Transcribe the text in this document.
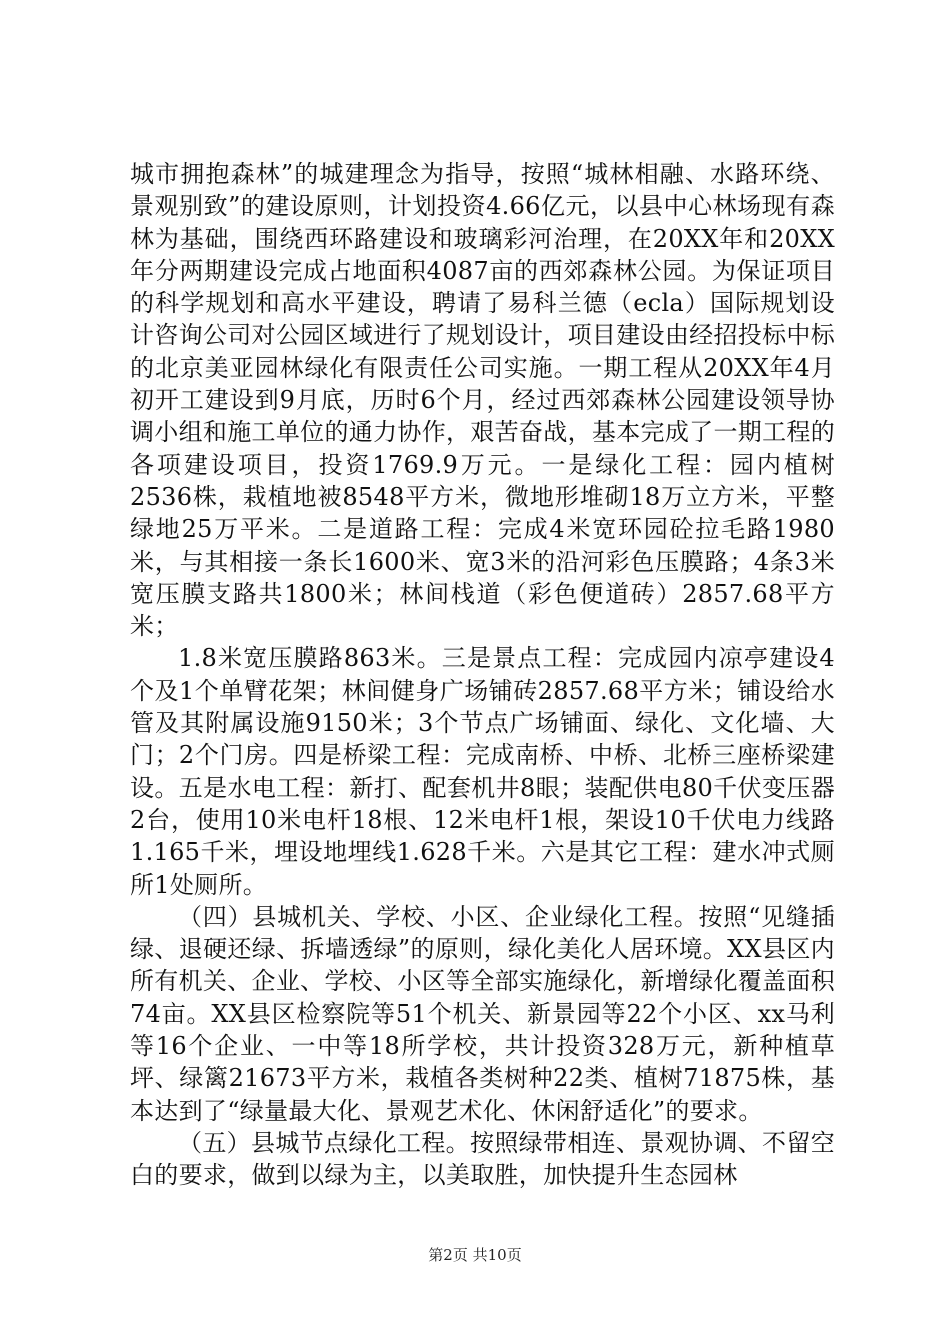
城市拥抱森林”的城建理念为指导，按照“城林相融、水路环绕、景观别致”的建设原则，计划投资4.66亿元，以县中心林场现有森林为基础，围绕西环路建设和玻璃彩河治理，在20XX年和20XX年分两期建设完成占地面积4087亩的西郊森林公园。为保证项目的科学规划和高水平建设，聘请了易科兰德（ecla）国际规划设计咨询公司对公园区域进行了规划设计，项目建设由经招投标中标的北京美亚园林绿化有限责任公司实施。一期工程从20XX年4月初开工建设到9月底，历时6个月，经过西郊森林公园建设领导协调小组和施工单位的通力协作，艰苦奋战，基本完成了一期工程的各项建设项目，投资1769.9万元。一是绿化工程：园内植树2536株，栽植地被8548平方米，微地形堆砌18万立方米，平整绿地25万平米。二是道路工程：完成4米宽环园砼拉毛路1980米，与其相接一条长1600米、宽3米的沿河彩色压膜路；4条3米宽压膜支路共1800米；林间栈道（彩色便道砖）2857.68平方米；

1.8米宽压膜路863米。三是景点工程：完成园内凉亭建设4个及1个单臂花架；林间健身广场铺砖2857.68平方米；铺设给水管及其附属设施9150米；3个节点广场铺面、绿化、文化墙、大门；2个门房。四是桥梁工程：完成南桥、中桥、北桥三座桥梁建设。五是水电工程：新打、配套机井8眼；装配供电80千伏变压器2台，使用10米电杆18根、12米电杆1根，架设10千伏电力线路1.165千米，埋设地埋线1.628千米。六是其它工程：建水冲式厕所1处厕所。

（四）县城机关、学校、小区、企业绿化工程。按照“见缝插绿、退硬还绿、拆墙透绿”的原则，绿化美化人居环境。XX县区内所有机关、企业、学校、小区等全部实施绿化，新增绿化覆盖面积74亩。XX县区检察院等51个机关、新景园等22个小区、xx马利等16个企业、一中等18所学校，共计投资328万元，新种植草坪、绿篱21673平方米，栽植各类树种22类、植树71875株，基本达到了“绿量最大化、景观艺术化、休闲舒适化”的要求。

（五）县城节点绿化工程。按照绿带相连、景观协调、不留空白的要求，做到以绿为主，以美取胜，加快提升生态园林

第2页 共10页
